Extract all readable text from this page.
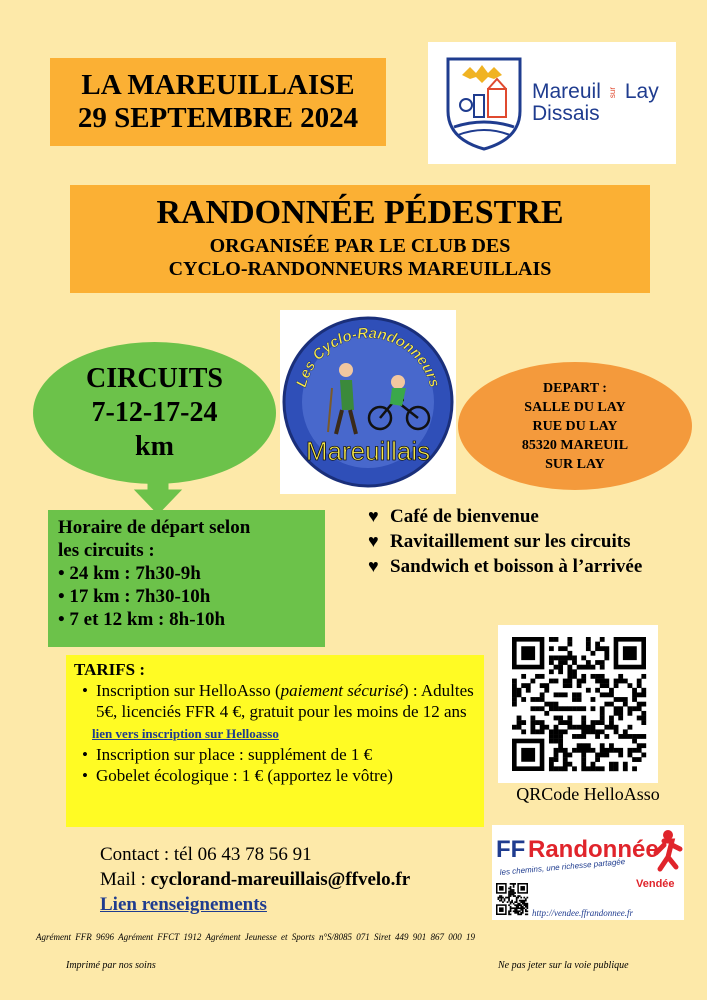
LA MAREUILLAISE
29 SEPTEMBRE 2024
Mareuil sur Lay
Dissais
RANDONNÉE PÉDESTRE
ORGANISÉE PAR LE CLUB DES
CYCLO-RANDONNEURS MAREUILLAIS
CIRCUITS
7-12-17-24
km
Les Cyclo-Randonneurs
Mareuillais
DEPART :
SALLE DU LAY
RUE DU LAY
85320 MAREUIL
SUR LAY
Horaire de départ selon
les circuits :
• 24 km : 7h30-9h
• 17 km : 7h30-10h
• 7 et 12 km : 8h-10h
♥ Café de bienvenue
♥ Ravitaillement sur les circuits
♥ Sandwich et boisson à l’arrivée
TARIFS :
• Inscription sur HelloAsso (paiement sécurisé) : Adultes 5€, licenciés FFR 4 €, gratuit pour les moins de 12 ans
lien vers inscription sur Helloasso
• Inscription sur place : supplément de 1 €
• Gobelet écologique : 1 € (apportez le vôtre)
QRCode HelloAsso
Contact : tél 06 43 78 56 91
Mail : cyclorand-mareuillais@ffvelo.fr
Lien renseignements
FF Randonnée
les chemins, une richesse partagée
Vendée
http://vendee.ffrandonnee.fr
Agrément FFR 9696 Agrément FFCT 1912 Agrément Jeunesse et Sports n°S/8085 071 Siret 449 901 867 000 19
Imprimé par nos soins	Ne pas jeter sur la voie publique
